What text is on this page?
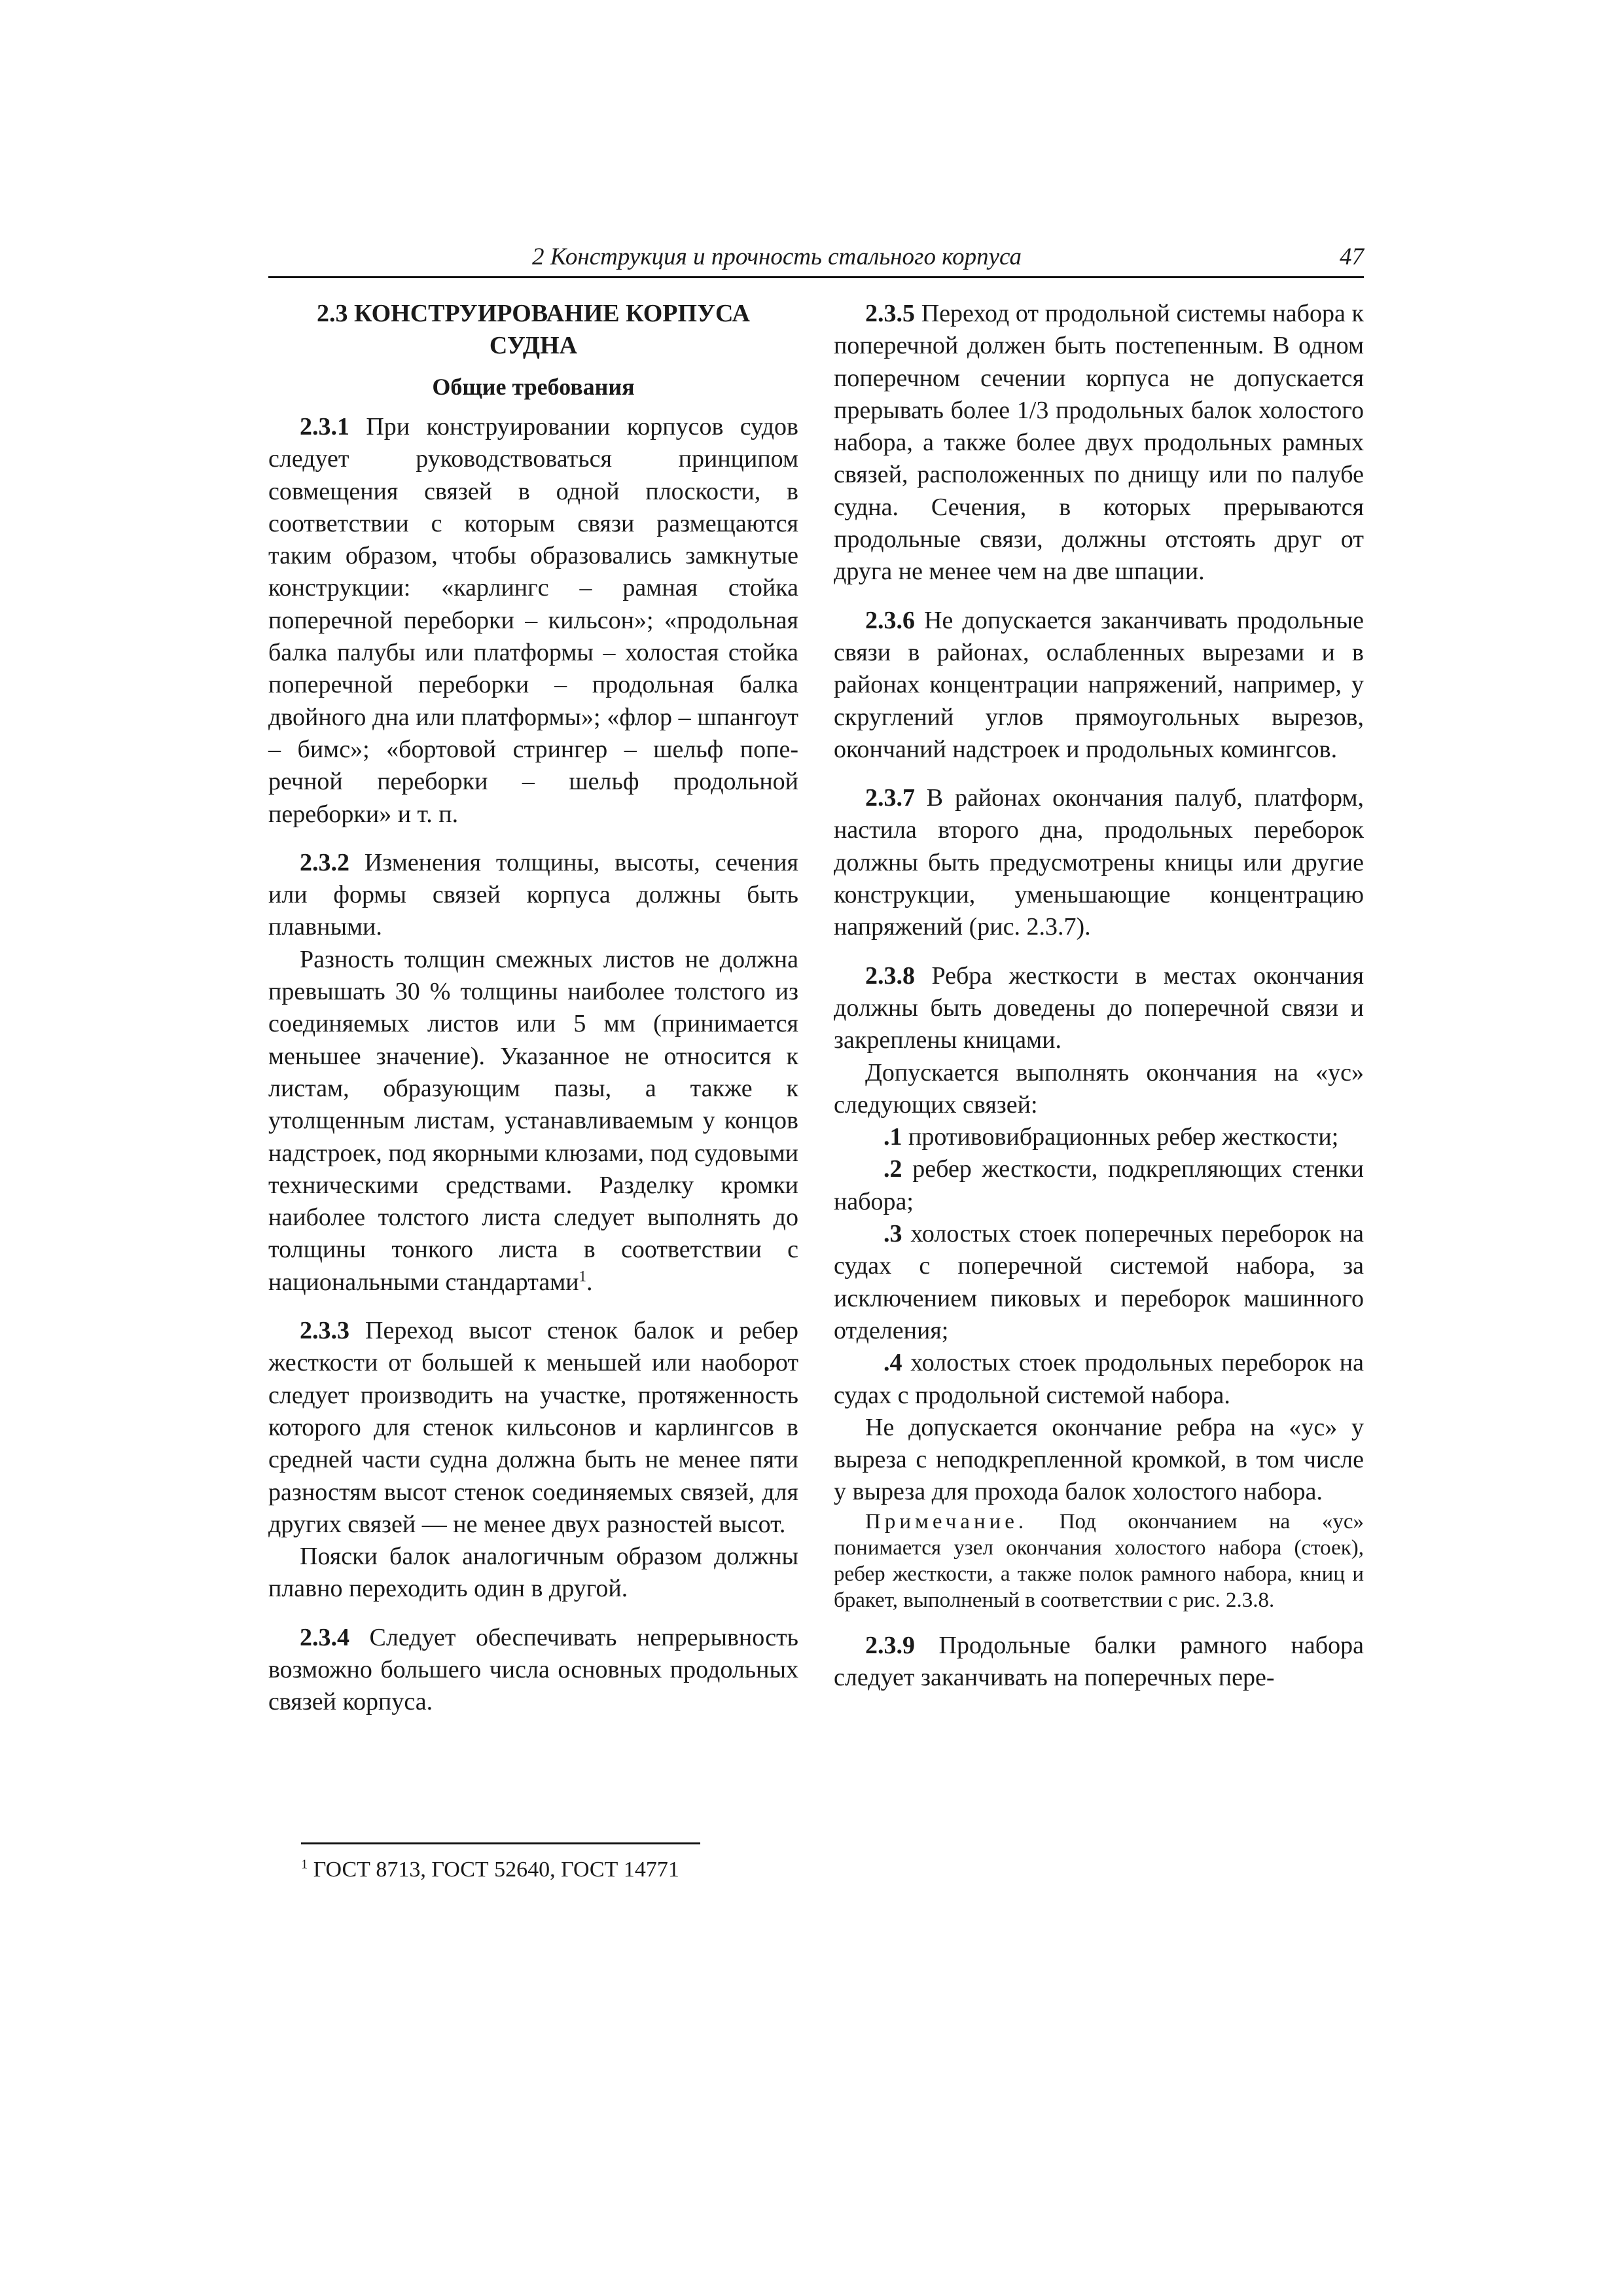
2 Конструкция и прочность стального корпуса	47
2.3 КОНСТРУИРОВАНИЕ КОРПУСА
СУДНА
Общие требования

2.3.1 При конструировании корпусов судов следует руководствоваться принципом совмещения связей в одной плоскости, в соответствии с которым связи размещаются таким образом, чтобы образовались замкнутые конструкции: «карлингс – рамная стойка поперечной переборки – кильсон»; «продольная балка палубы или платформы – холостая стойка поперечной переборки – продольная балка двойного дна или платформы»; «флор – шпангоут – бимс»; «бортовой стрингер – шельф поперечной переборки – шельф продольной переборки» и т. п.

2.3.2 Изменения толщины, высоты, сечения или формы связей корпуса должны быть плавными.

Разность толщин смежных листов не должна превышать 30 % толщины наиболее толстого из соединяемых листов или 5 мм (принимается меньшее значение). Указанное не относится к листам, образующим пазы, а также к утолщенным листам, устанавливаемым у концов надстроек, под якорными клюзами, под судовыми техническими средствами. Разделку кромки наиболее толстого листа следует выполнять до толщины тонкого листа в соответствии с национальными стандартами$^1$.

2.3.3 Переход высот стенок балок и ребер жесткости от большей к меньшей или наоборот следует производить на участке, протяженность которого для стенок кильсонов и карлингсов в средней части судна должна быть не менее пяти разностям высот стенок соединяемых связей, для других связей — не менее двух разностей высот.

Пояски балок аналогичным образом должны плавно переходить один в другой.

2.3.4 Следует обеспечивать непрерывность возможно большего числа основных продольных связей корпуса.

$^1$ ГОСТ 8713, ГОСТ 52640, ГОСТ 14771

2.3.5 Переход от продольной системы набора к поперечной должен быть постепенным. В одном поперечном сечении корпуса не допускается прерывать более 1/3 продольных балок холостого набора, а также более двух продольных рамных связей, расположенных по днищу или по палубе судна. Сечения, в которых прерываются продольные связи, должны отстоять друг от друга не менее чем на две шпации.

2.3.6 Не допускается заканчивать продольные связи в районах, ослабленных вырезами и в районах концентрации напряжений, например, у скруглений углов прямоугольных вырезов, окончаний надстроек и продольных комингсов.

2.3.7 В районах окончания палуб, платформ, настила второго дна, продольных переборок должны быть предусмотрены кницы или другие конструкции, уменьшающие концентрацию напряжений (рис. 2.3.7).

2.3.8 Ребра жесткости в местах окончания должны быть доведены до поперечной связи и закреплены кницами.

Допускается выполнять окончания на «ус» следующих связей:

.1 противовибрационных ребер жесткости;

.2 ребер жесткости, подкрепляющих стенки набора;

.3 холостых стоек поперечных переборок на судах с поперечной системой набора, за исключением пиковых и переборок машинного отделения;

.4 холостых стоек продольных переборок на судах с продольной системой набора.

Не допускается окончание ребра на «ус» у выреза с неподкрепленной кромкой, в том числе у выреза для прохода балок холостого набора.

Примечание. Под окончанием на «ус» понимается узел окончания холостого набора (стоек), ребер жесткости, а также полок рамного набора, книц и бракет, выполненый в соответствии с рис. 2.3.8.

2.3.9 Продольные балки рамного набора следует заканчивать на поперечных пере-
